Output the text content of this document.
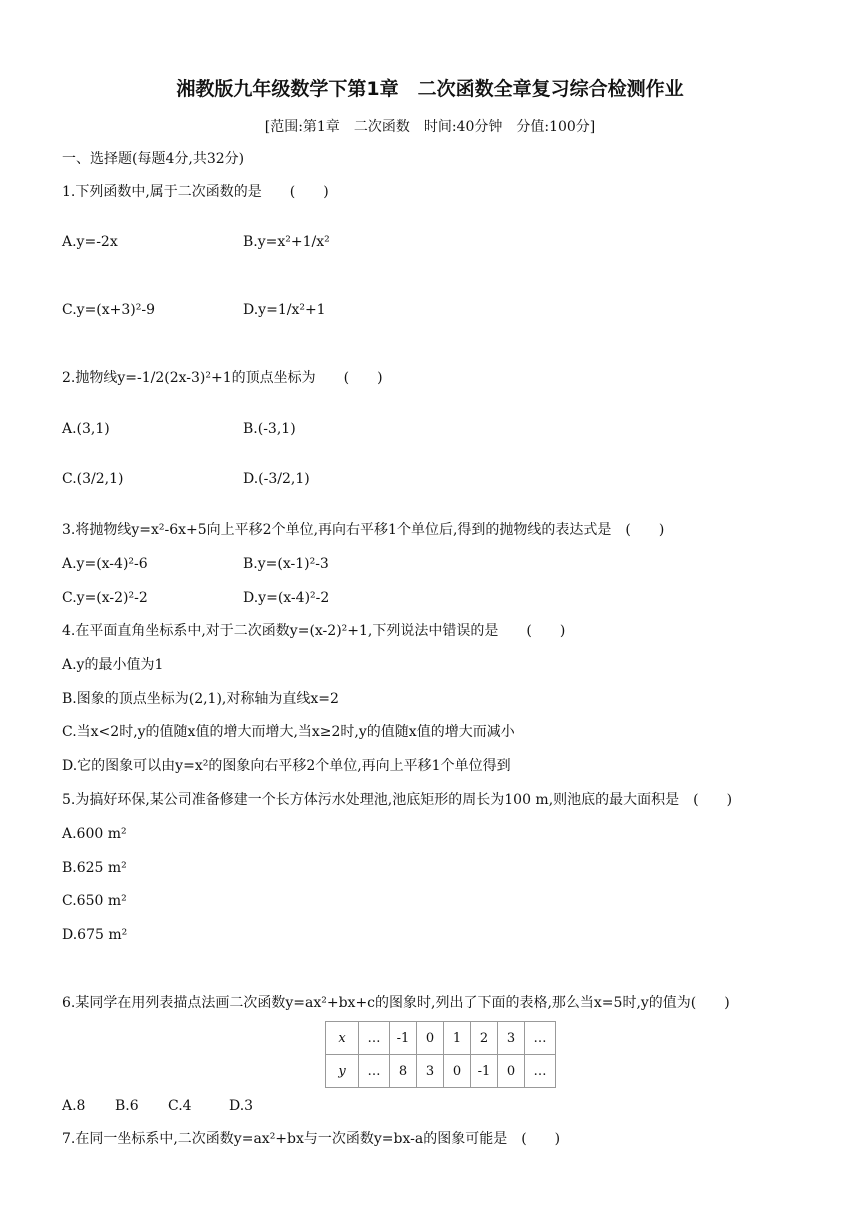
湘教版九年级数学下第1章　二次函数全章复习综合检测作业
[范围:第1章　二次函数　时间:40分钟　分值:100分]
一、选择题(每题4分,共32分)
1.下列函数中,属于二次函数的是　　(　　)
A.y=-2x	B.y=x²+1/x²
C.y=(x+3)²-9	D.y=1/x²+1
2.抛物线y=-1/2(2x-3)²+1的顶点坐标为　　(　　)
A.(3,1)	B.(-3,1)
C.(3/2,1)	D.(-3/2,1)
3.将抛物线y=x²-6x+5向上平移2个单位,再向右平移1个单位后,得到的抛物线的表达式是　(　　)
A.y=(x-4)²-6	B.y=(x-1)²-3
C.y=(x-2)²-2	D.y=(x-4)²-2
4.在平面直角坐标系中,对于二次函数y=(x-2)²+1,下列说法中错误的是　　(　　)
A.y的最小值为1
B.图象的顶点坐标为(2,1),对称轴为直线x=2
C.当x<2时,y的值随x值的增大而增大,当x≥2时,y的值随x值的增大而减小
D.它的图象可以由y=x²的图象向右平移2个单位,再向上平移1个单位得到
5.为搞好环保,某公司准备修建一个长方体污水处理池,池底矩形的周长为100 m,则池底的最大面积是　(　　)
A.600 m²
B.625 m²
C.650 m²
D.675 m²
6.某同学在用列表描点法画二次函数y=ax²+bx+c的图象时,列出了下面的表格,那么当x=5时,y的值为(　　)
x	…	-1	0	1	2	3	…
y	…	8	3	0	-1	0	…
A.8 B.6 C.4	D.3
7.在同一坐标系中,二次函数y=ax²+bx与一次函数y=bx-a的图象可能是　(　　)
